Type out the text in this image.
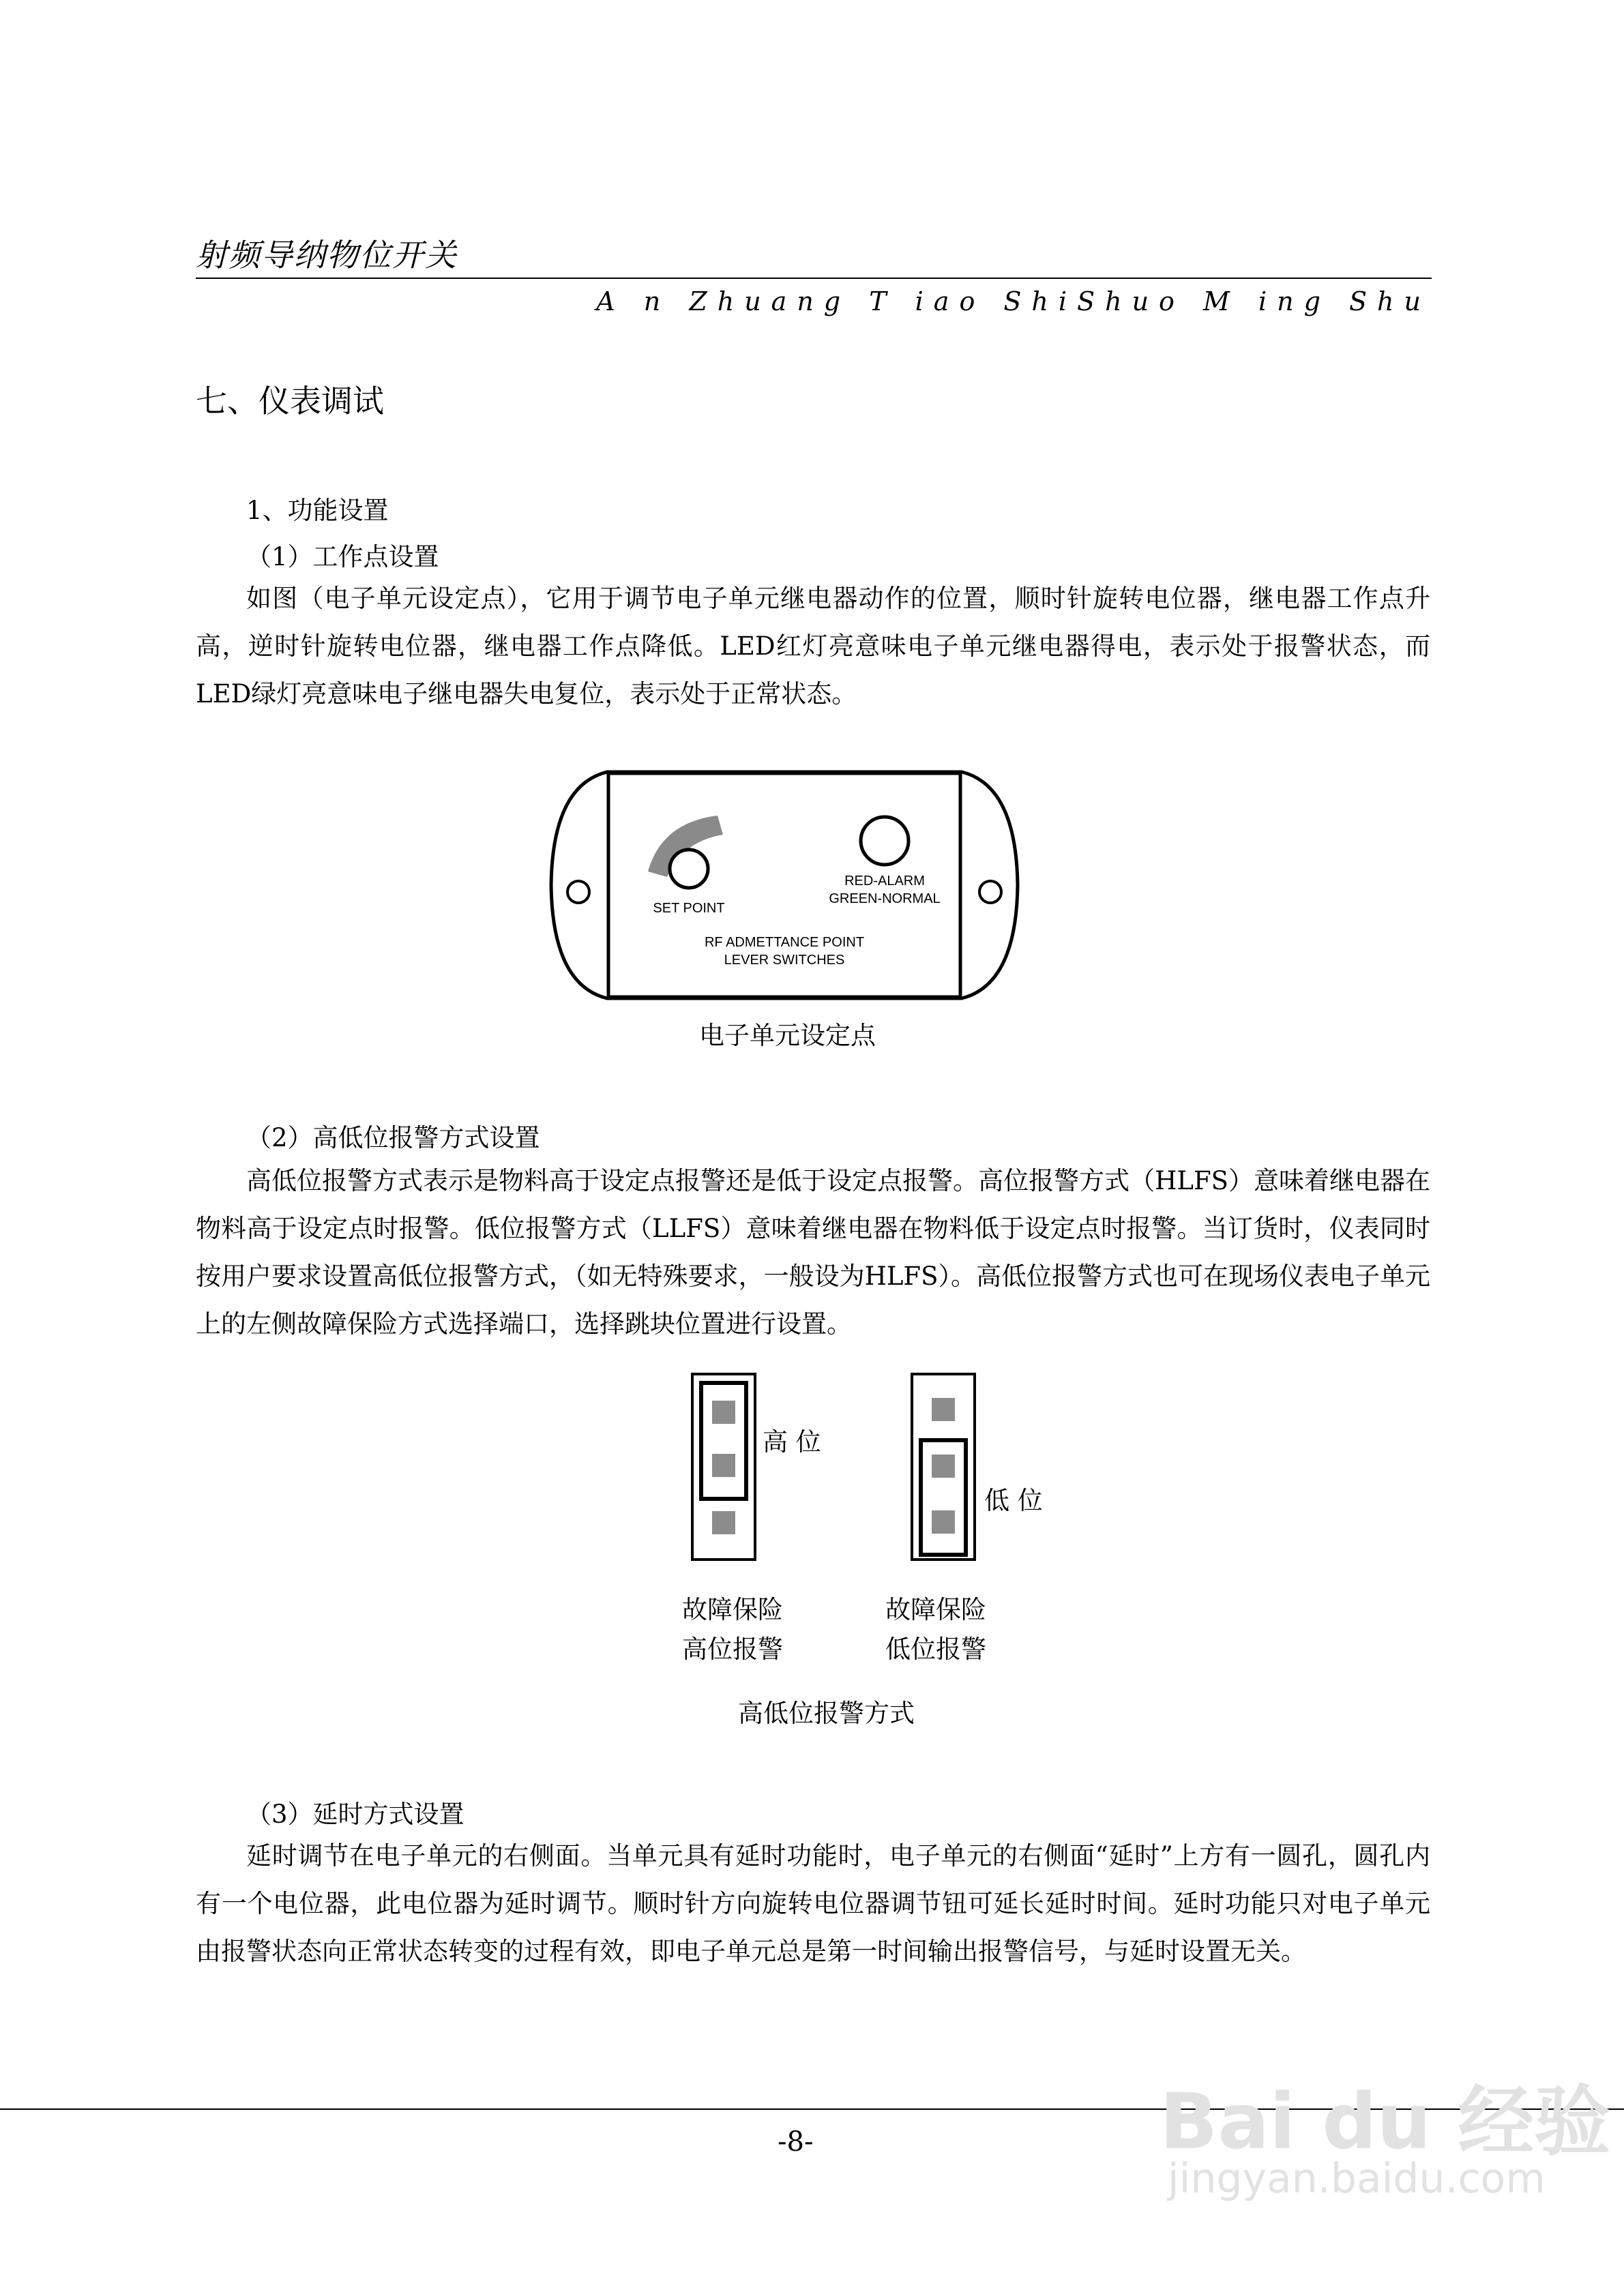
射频导纳物位开关
A n Zhuang T iao ShiShuo M ing Shu
七、仪表调试
1、功能设置
（1）工作点设置

如图（电子单元设定点），它用于调节电子单元继电器动作的位置，顺时针旋转电位器，继电器工作点升高，逆时针旋转电位器，继电器工作点降低。LED红灯亮意味电子单元继电器得电，表示处于报警状态，而LED绿灯亮意味电子继电器失电复位，表示处于正常状态。

SET POINT
RED-ALARM
GREEN-NORMAL
RF ADMETTANCE POINT
LEVER SWITCHES
电子单元设定点
（2）高低位报警方式设置

高低位报警方式表示是物料高于设定点报警还是低于设定点报警。高位报警方式（HLFS）意味着继电器在物料高于设定点时报警。低位报警方式（LLFS）意味着继电器在物料低于设定点时报警。当订货时，仪表同时按用户要求设置高低位报警方式，（如无特殊要求，一般设为HLFS）。高低位报警方式也可在现场仪表电子单元上的左侧故障保险方式选择端口，选择跳块位置进行设置。

高 位
低 位
故障保险
高位报警
故障保险
低位报警
高低位报警方式
（3）延时方式设置

延时调节在电子单元的右侧面。当单元具有延时功能时，电子单元的右侧面“延时”上方有一圆孔，圆孔内有一个电位器，此电位器为延时调节。顺时针方向旋转电位器调节钮可延长延时时间。延时功能只对电子单元由报警状态向正常状态转变的过程有效，即电子单元总是第一时间输出报警信号，与延时设置无关。

-8-	Bai du 经验
jingyan.baidu.com
